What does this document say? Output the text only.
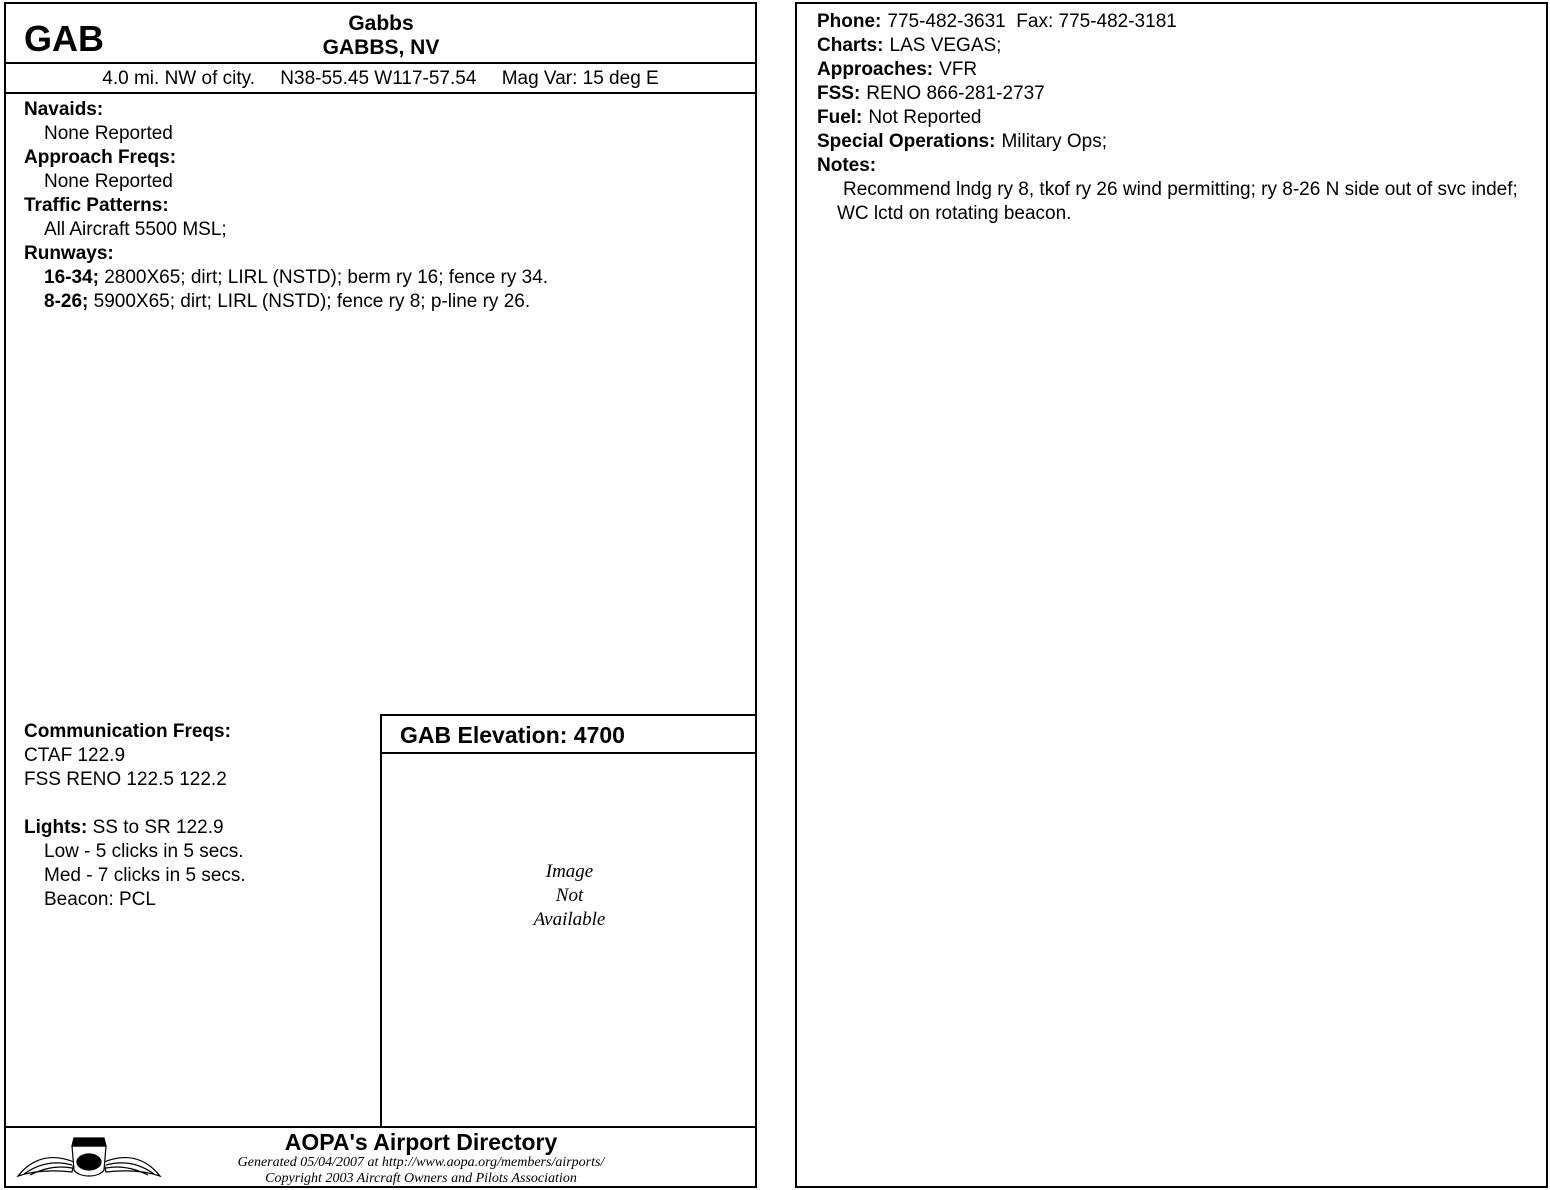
GAB	Gabbs
GABBS, NV
4.0 mi. NW of city. N38-55.45 W117-57.54 Mag Var: 15 deg E
Navaids:
None Reported
Approach Freqs:
None Reported
Traffic Patterns:
All Aircraft 5500 MSL;
Runways:
16-34; 2800X65; dirt; LIRL (NSTD); berm ry 16; fence ry 34.
8-26; 5900X65; dirt; LIRL (NSTD); fence ry 8; p-line ry 26.
Communication Freqs:
CTAF 122.9
FSS RENO 122.5 122.2
Lights: SS to SR 122.9
Low - 5 clicks in 5 secs.
Med - 7 clicks in 5 secs.
Beacon: PCL
GAB Elevation: 4700
Image
Not
Available
AOPA's Airport Directory
Generated 05/04/2007 at http://www.aopa.org/members/airports/
Copyright 2003 Aircraft Owners and Pilots Association
Phone: 775-482-3631  Fax: 775-482-3181
Charts: LAS VEGAS;
Approaches: VFR
FSS: RENO 866-281-2737
Fuel: Not Reported
Special Operations: Military Ops;
Notes:
Recommend lndg ry 8, tkof ry 26 wind permitting; ry 8-26 N side out of svc indef; WC lctd on rotating beacon.
